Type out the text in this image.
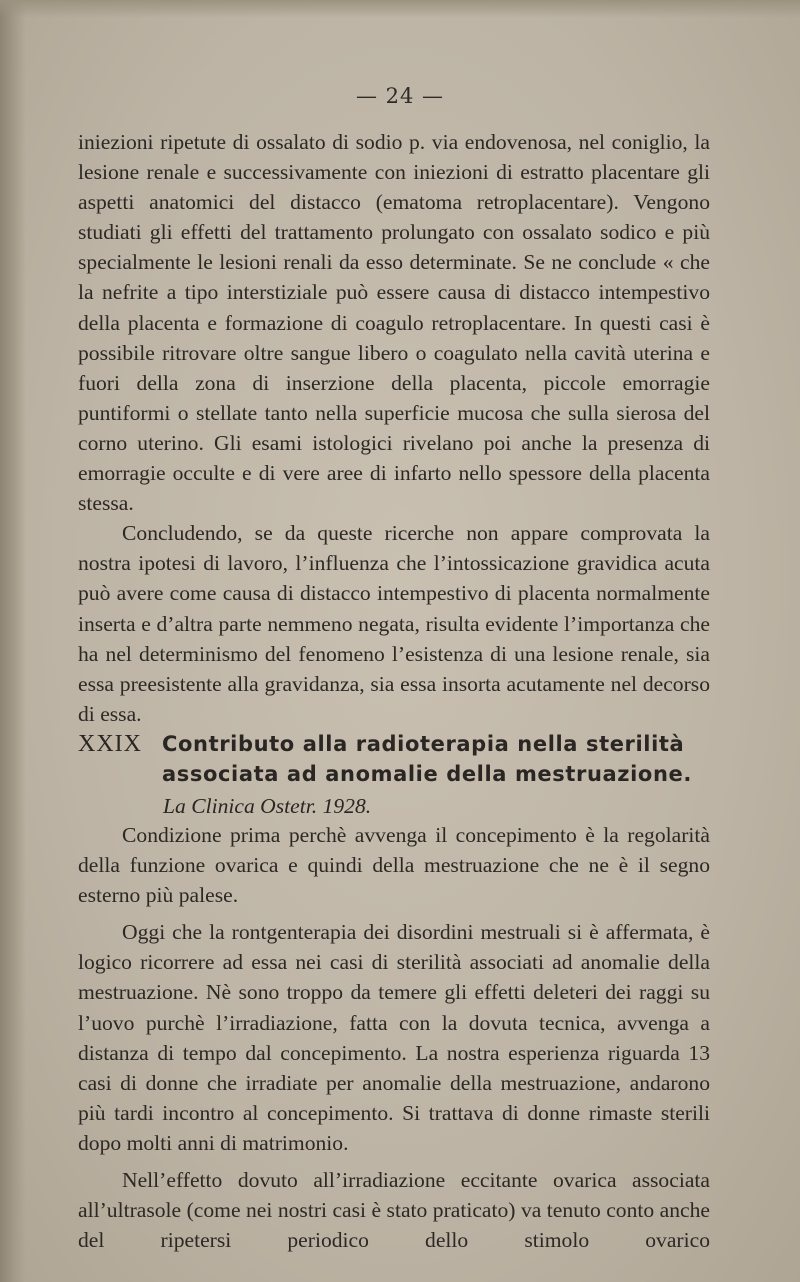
— 24 —

iniezioni ripetute di ossalato di sodio p. via endovenosa, nel coniglio, la lesione renale e successivamente con iniezioni di estratto placentare gli aspetti anatomici del distacco (ematoma retroplacentare). Vengono studiati gli effetti del trattamento prolungato con ossalato sodico e più specialmente le lesioni renali da esso determinate. Se ne conclude « che la nefrite a tipo interstiziale può essere causa di distacco intempestivo della placenta e formazione di coagulo retroplacentare. In questi casi è possibile ritrovare oltre sangue libero o coagulato nella cavità uterina e fuori della zona di inserzione della placenta, piccole emorragie puntiformi o stellate tanto nella superficie mucosa che sulla sierosa del corno uterino. Gli esami istologici rivelano poi anche la presenza di emorragie occulte e di vere aree di infarto nello spessore della placenta stessa.

Concludendo, se da queste ricerche non appare comprovata la nostra ipotesi di lavoro, l’influenza che l’intossicazione gravidica acuta può avere come causa di distacco intempestivo di placenta normalmente inserta e d’altra parte nemmeno negata, risulta evidente l’importanza che ha nel determinismo del fenomeno l’esistenza di una lesione renale, sia essa preesistente alla gravidanza, sia essa insorta acutamente nel decorso di essa.

XXIX Contributo alla radioterapia nella sterilità associata ad anomalie della mestruazione.
La Clinica Ostetr. 1928.

Condizione prima perchè avvenga il concepimento è la regolarità della funzione ovarica e quindi della mestruazione che ne è il segno esterno più palese.

Oggi che la rontgenterapia dei disordini mestruali si è affermata, è logico ricorrere ad essa nei casi di sterilità associati ad anomalie della mestruazione. Nè sono troppo da temere gli effetti deleteri dei raggi su l’uovo purchè l’irradiazione, fatta con la dovuta tecnica, avvenga a distanza di tempo dal concepimento. La nostra esperienza riguarda 13 casi di donne che irradiate per anomalie della mestruazione, andarono più tardi incontro al concepimento. Si trattava di donne rimaste sterili dopo molti anni di matrimonio.

Nell’effetto dovuto all’irradiazione eccitante ovarica associata all’ultrasole (come nei nostri casi è stato praticato) va tenuto conto anche del ripetersi periodico dello stimolo ovarico
